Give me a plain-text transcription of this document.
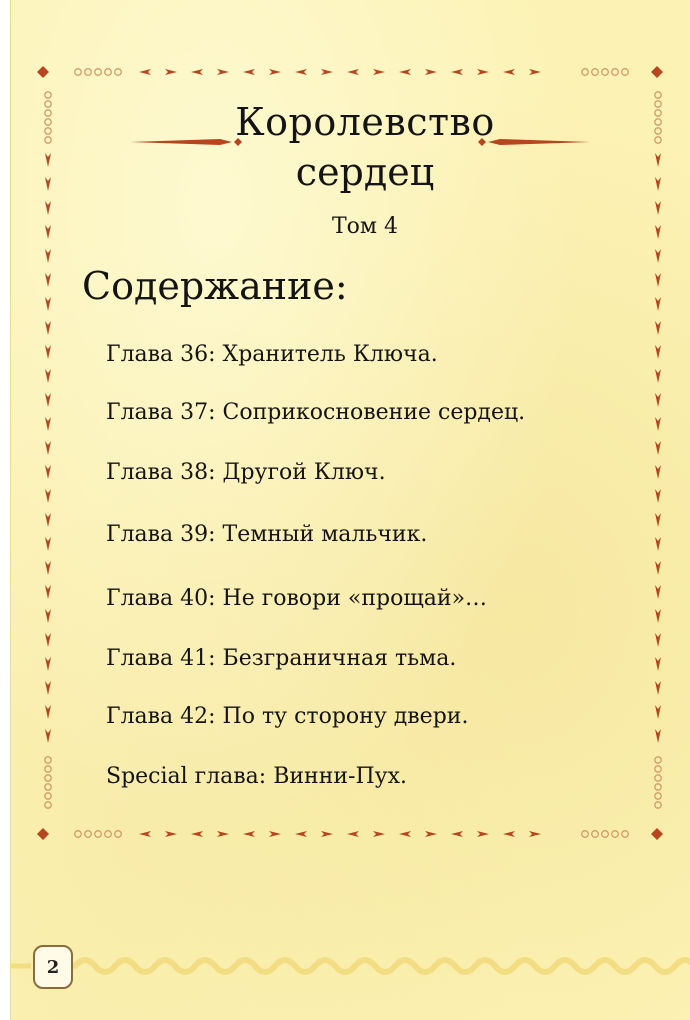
Королевство
сердец
Том 4
Содержание:
Глава 36: Хранитель Ключа.
Глава 37: Соприкосновение сердец.
Глава 38: Другой Ключ.
Глава 39: Темный мальчик.
Глава 40: Не говори «прощай»…
Глава 41: Безграничная тьма.
Глава 42: По ту сторону двери.
Special глава: Винни-Пух.
2
